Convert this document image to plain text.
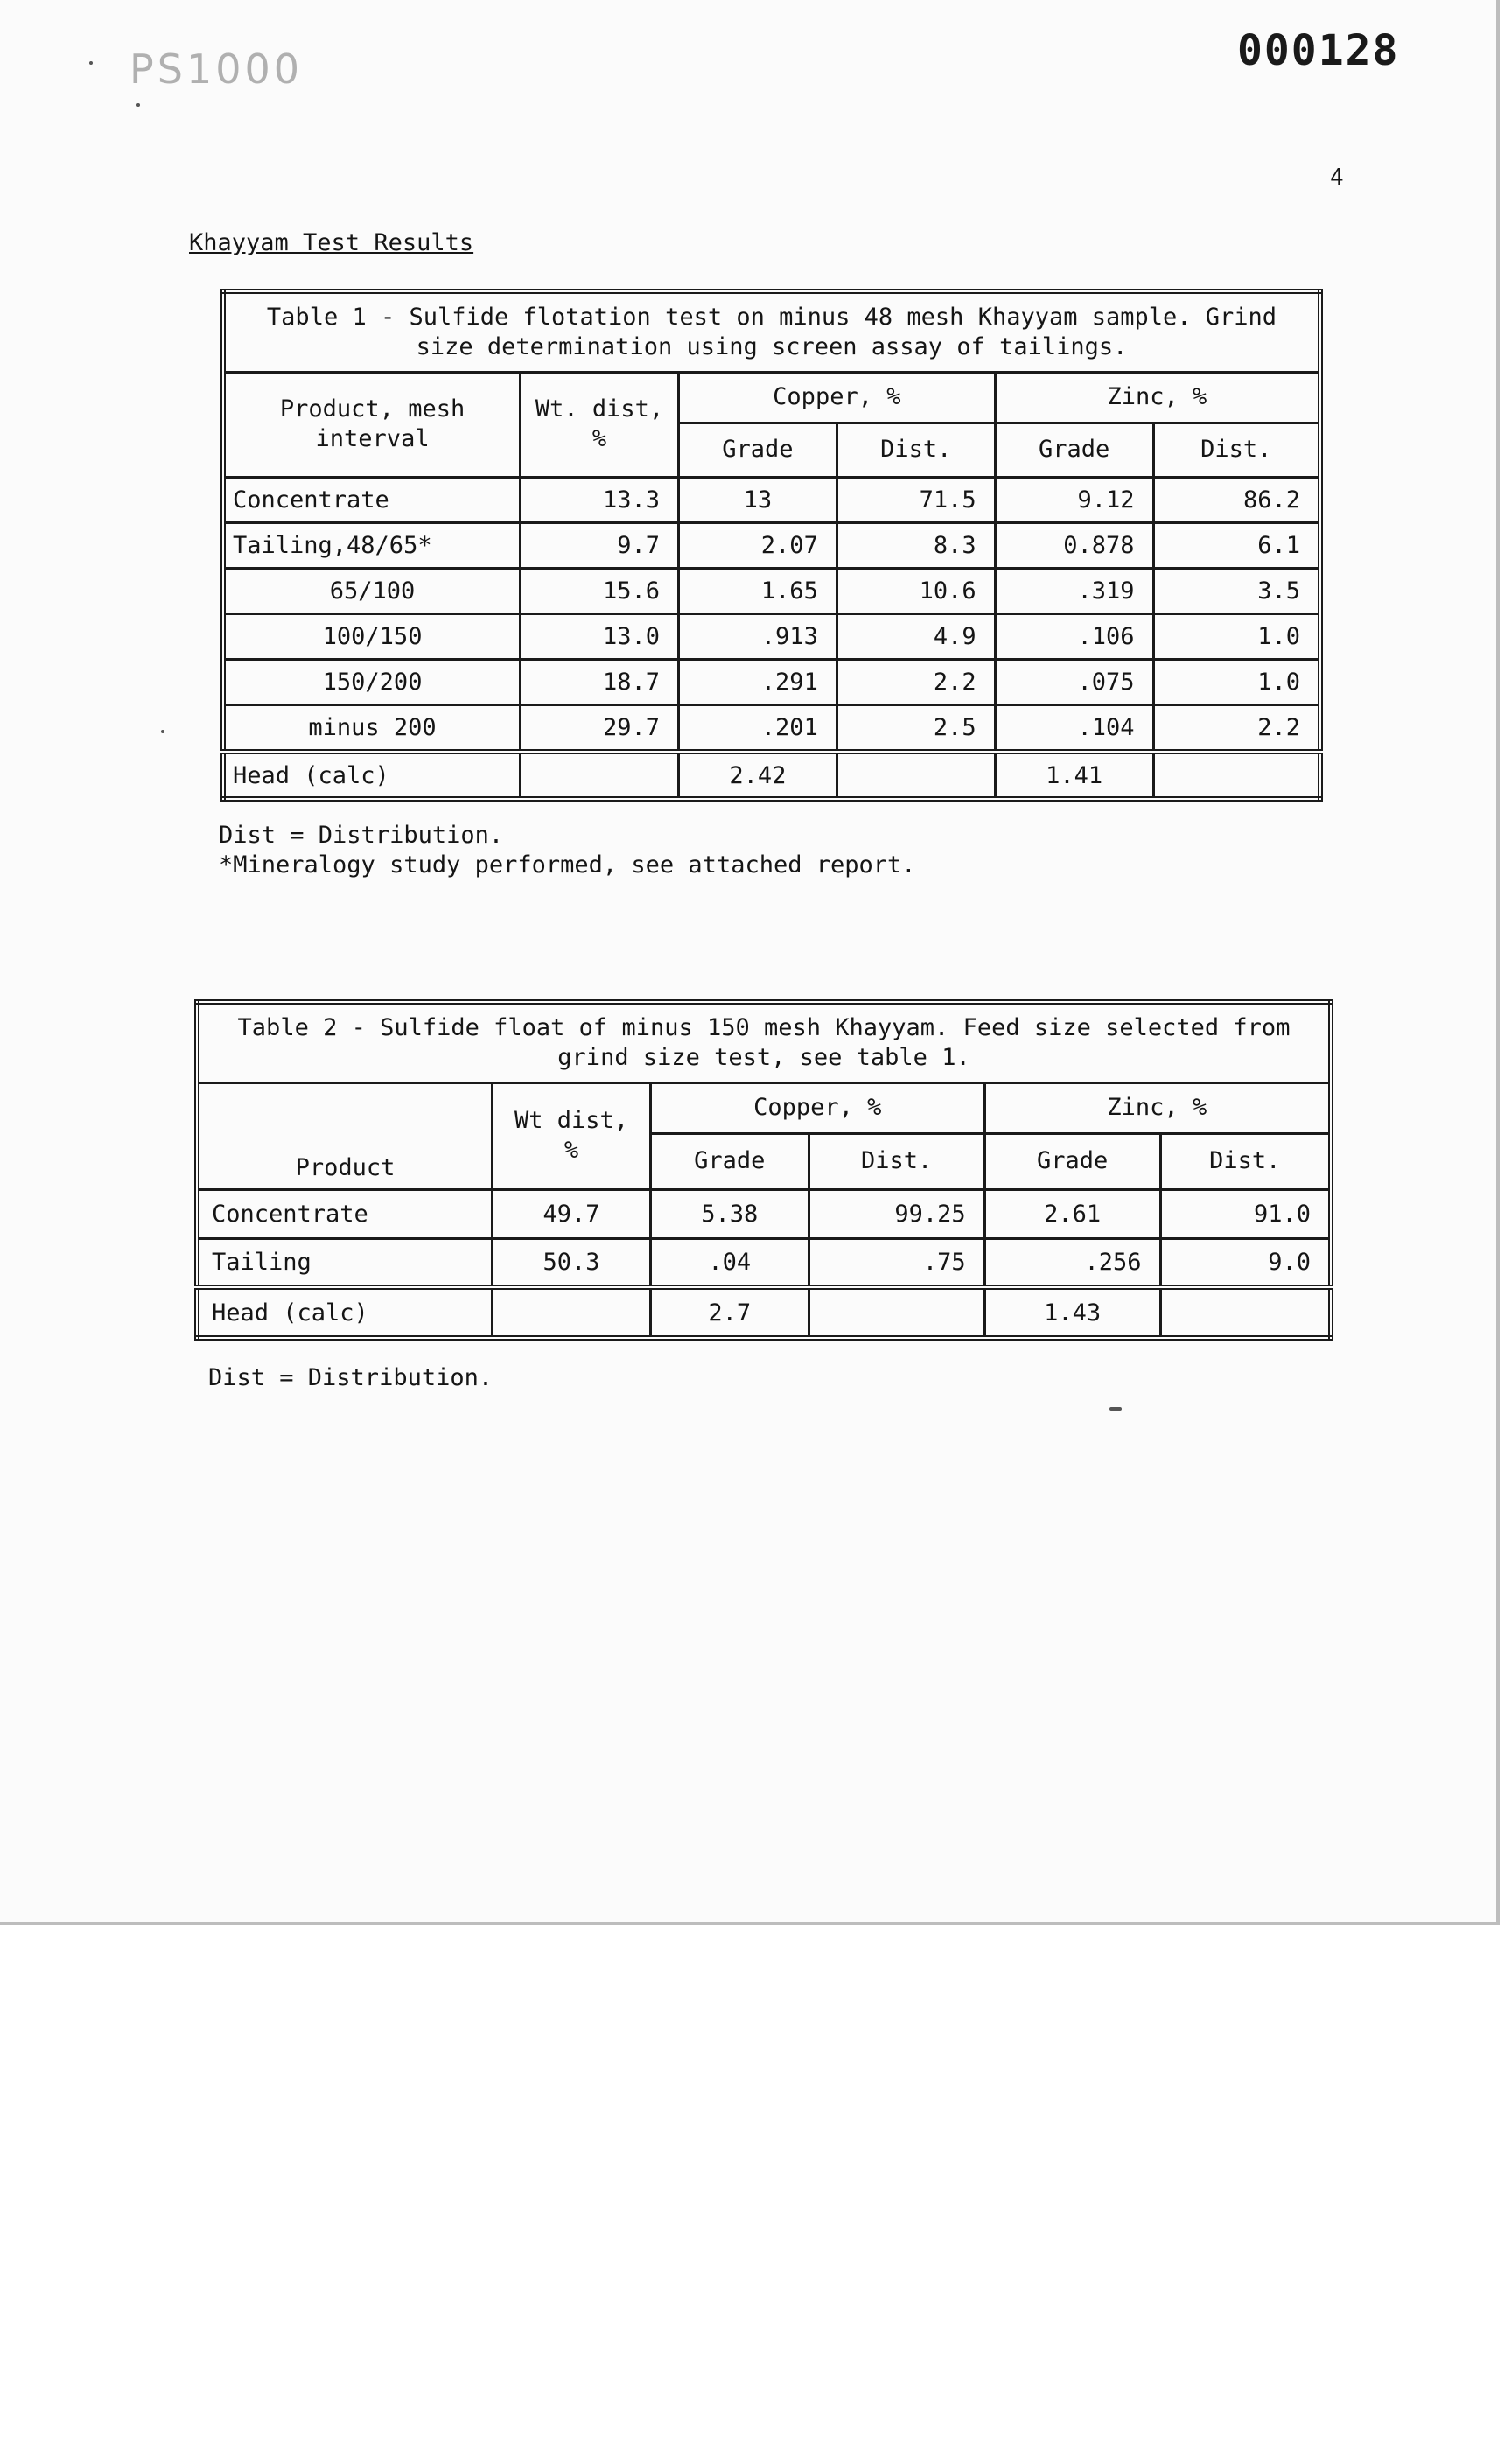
PS1000	000128
4
Khayyam Test Results
Table 1 - Sulfide flotation test on minus 48 mesh Khayyam sample. Grind size determination using screen assay of tailings.					
Product, mesh interval	Wt. dist, %	Copper, %		Zinc, %	
		Grade	Dist.	Grade	Dist.
Concentrate	13.3	13	71.5	9.12	86.2
Tailing,48/65*	9.7	2.07	8.3	0.878	6.1
65/100	15.6	1.65	10.6	.319	3.5
100/150	13.0	.913	4.9	.106	1.0
150/200	18.7	.291	2.2	.075	1.0
minus 200	29.7	.201	2.5	.104	2.2
Head (calc)		2.42		1.41	
Dist = Distribution.
*Mineralogy study performed, see attached report.
Table 2 - Sulfide float of minus 150 mesh Khayyam. Feed size selected from grind size test, see table 1.					
Product	Wt dist, %	Copper, %		Zinc, %	
		Grade	Dist.	Grade	Dist.
Concentrate	49.7	5.38	99.25	2.61	91.0
Tailing	50.3	.04	.75	.256	9.0
Head (calc)		2.7		1.43	
Dist = Distribution.
